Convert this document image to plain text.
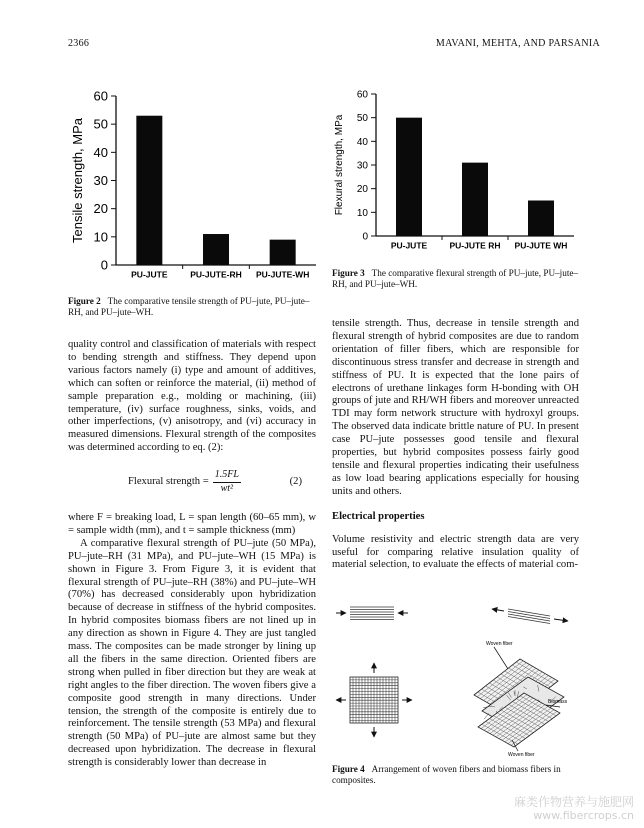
2366	MAVANI, MEHTA, AND PARSANIA
0
10
20
30
40
50
60
PU-JUTE	PU-JUTE-RH PU-JUTE-WH
Tensile strength, MPa	0
10
20
30
40
50
60
PU-JUTE	PU-JUTE RH PU-JUTE WH
Flexural strength, MPa
Figure 2 The comparative tensile strength of PU–jute, PU–jute–RH, and PU–jute–WH.
Figure 3 The comparative flexural strength of PU–jute, PU–jute–RH, and PU–jute–WH.

quality control and classification of materials with respect to bending strength and stiffness. They depend upon various factors namely (i) type and amount of additives, which can soften or reinforce the material, (ii) method of sample preparation e.g., molding or machining, (iii) temperature, (iv) surface roughness, sinks, voids, and other imperfections, (v) anisotropy, and (vi) accuracy in measured dimensions. Flexural strength of the composites was determined according to eq. (2):

Flexural strength = $\frac{1.5FL}{\text{wt²}}$	(2)

where F = breaking load, L = span length (60–65 mm), w = sample width (mm), and t = sample thickness (mm)

A comparative flexural strength of PU–jute (50 MPa), PU–jute–RH (31 MPa), and PU–jute–WH (15 MPa) is shown in Figure 3. From Figure 3, it is evident that flexural strength of PU–jute–RH (38%) and PU–jute–WH (70%) has decreased considerably upon hybridization because of decrease in stiffness of the hybrid composites. In hybrid composites biomass fibers are not lined up in any direction as shown in Figure 4. They are just tangled mass. The composites can be made stronger by lining up all the fibers in the same direction. Oriented fibers are strong when pulled in fiber direction but they are weak at right angles to the fiber direction. The woven fibers give a composite good strength in many directions. Under tension, the strength of the composite is entirely due to reinforcement. The tensile strength (53 MPa) and flexural strength (50 MPa) of PU–jute are almost same but they decreased upon hybridization. The decrease in flexural strength is considerably lower than decrease in

tensile strength. Thus, decrease in tensile strength and flexural strength of hybrid composites are due to random orientation of filler fibers, which are responsible for discontinuous stress transfer and decrease in strength and stiffness of PU. It is expected that the lone pairs of electrons of urethane linkages form H-bonding with OH groups of jute and RH/WH fibers and moreover unreacted TDI may form network structure with hydroxyl groups. The observed data indicate brittle nature of PU. In present case PU–jute possesses good tensile and flexural properties, but hybrid composites possess fairly good tensile and flexural properties indicating their usefulness as low load bearing applications especially for housing units and others.

Electrical properties

Volume resistivity and electric strength data are very useful for comparing relative insulation quality of material selection, to evaluate the effects of material com-

Woven fiber
Biomass
Woven fiber
Figure 4 Arrangement of woven fibers and biomass fibers in composites.
麻类作物营养与施肥网
www.fibercrops.cn
